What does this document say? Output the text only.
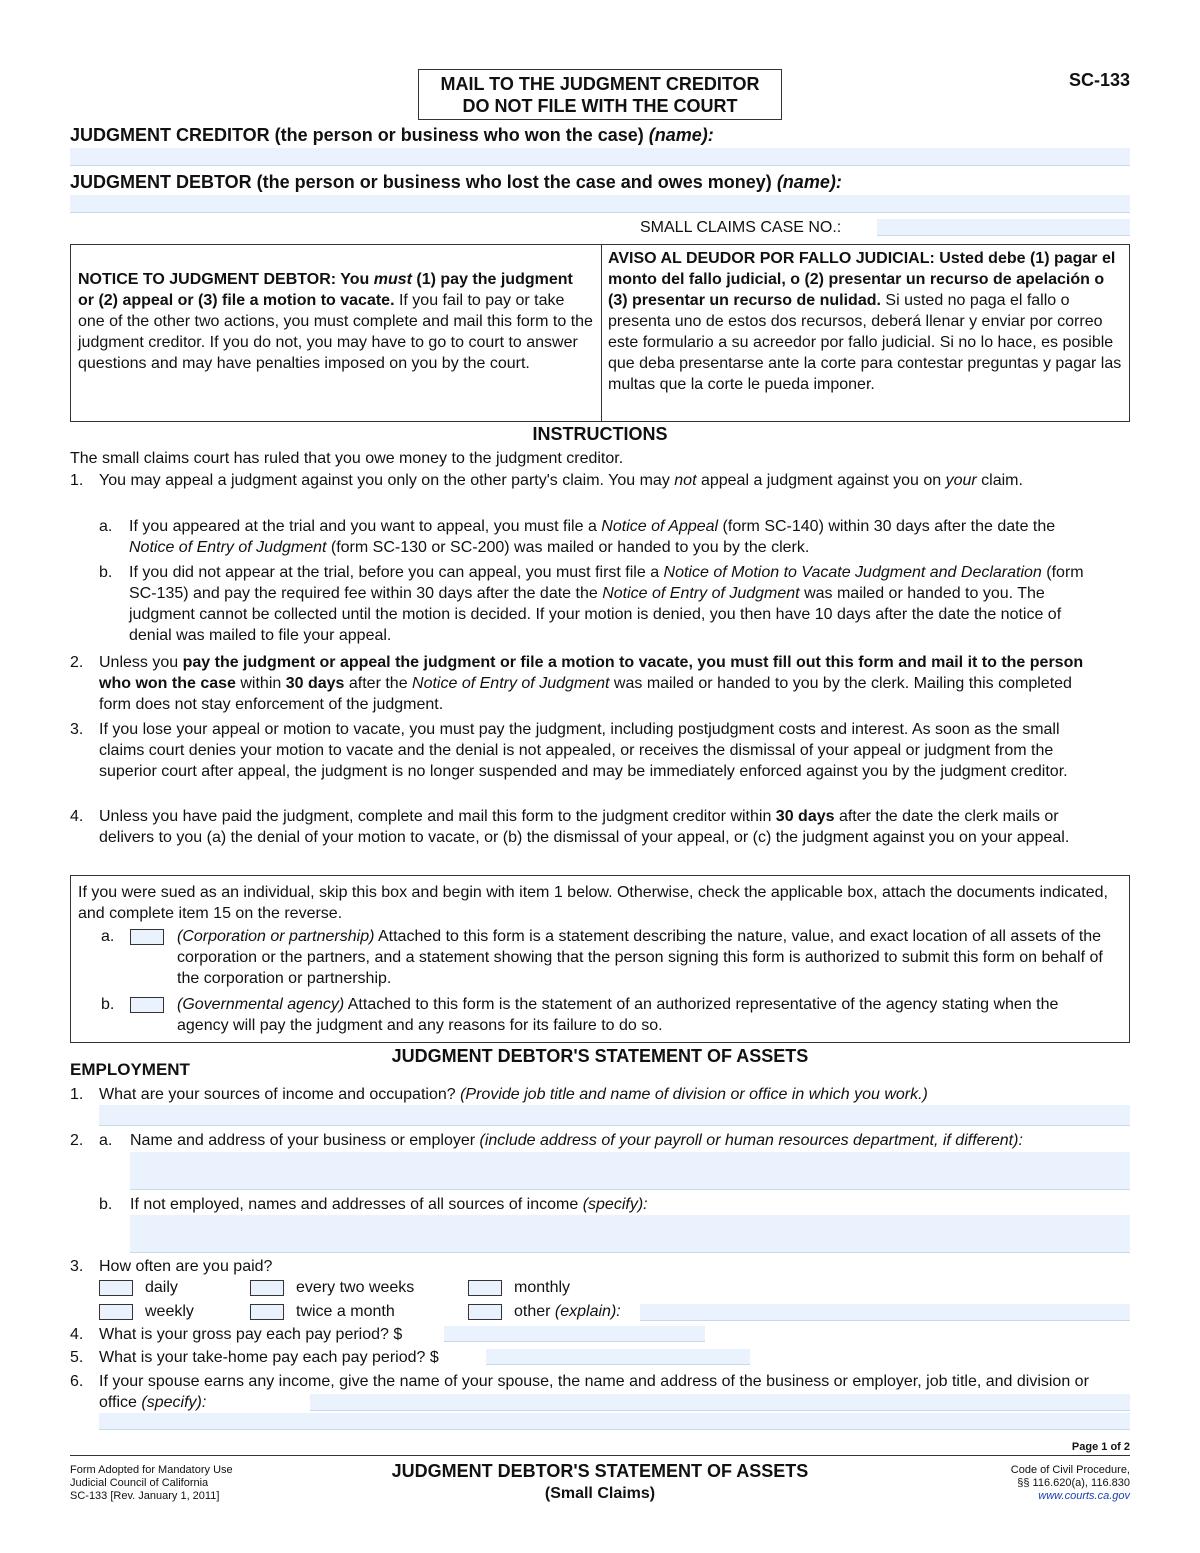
MAIL TO THE JUDGMENT CREDITOR
DO NOT FILE WITH THE COURT
SC-133
JUDGMENT CREDITOR (the person or business who won the case) (name):
JUDGMENT DEBTOR (the person or business who lost the case and owes money) (name):
SMALL CLAIMS CASE NO.:
NOTICE TO JUDGMENT DEBTOR: You must (1) pay the judgment or (2) appeal or (3) file a motion to vacate. If you fail to pay or take one of the other two actions, you must complete and mail this form to the judgment creditor. If you do not, you may have to go to court to answer questions and may have penalties imposed on you by the court.
AVISO AL DEUDOR POR FALLO JUDICIAL: Usted debe (1) pagar el monto del fallo judicial, o (2) presentar un recurso de apelación o (3) presentar un recurso de nulidad. Si usted no paga el fallo o presenta uno de estos dos recursos, deberá llenar y enviar por correo este formulario a su acreedor por fallo judicial. Si no lo hace, es posible que deba presentarse ante la corte para contestar preguntas y pagar las multas que la corte le pueda imponer.
INSTRUCTIONS
The small claims court has ruled that you owe money to the judgment creditor.
1. You may appeal a judgment against you only on the other party's claim. You may not appeal a judgment against you on your claim.
a. If you appeared at the trial and you want to appeal, you must file a Notice of Appeal (form SC-140) within 30 days after the date the Notice of Entry of Judgment (form SC-130 or SC-200) was mailed or handed to you by the clerk.
b. If you did not appear at the trial, before you can appeal, you must first file a Notice of Motion to Vacate Judgment and Declaration (form SC-135) and pay the required fee within 30 days after the date the Notice of Entry of Judgment was mailed or handed to you. The judgment cannot be collected until the motion is decided. If your motion is denied, you then have 10 days after the date the notice of denial was mailed to file your appeal.
2. Unless you pay the judgment or appeal the judgment or file a motion to vacate, you must fill out this form and mail it to the person who won the case within 30 days after the Notice of Entry of Judgment was mailed or handed to you by the clerk. Mailing this completed form does not stay enforcement of the judgment.
3. If you lose your appeal or motion to vacate, you must pay the judgment, including postjudgment costs and interest. As soon as the small claims court denies your motion to vacate and the denial is not appealed, or receives the dismissal of your appeal or judgment from the superior court after appeal, the judgment is no longer suspended and may be immediately enforced against you by the judgment creditor.
4. Unless you have paid the judgment, complete and mail this form to the judgment creditor within 30 days after the date the clerk mails or delivers to you (a) the denial of your motion to vacate, or (b) the dismissal of your appeal, or (c) the judgment against you on your appeal.
If you were sued as an individual, skip this box and begin with item 1 below. Otherwise, check the applicable box, attach the documents indicated, and complete item 15 on the reverse.
a.	(Corporation or partnership) Attached to this form is a statement describing the nature, value, and exact location of all assets of the corporation or the partners, and a statement showing that the person signing this form is authorized to submit this form on behalf of the corporation or partnership.
b.	(Governmental agency) Attached to this form is the statement of an authorized representative of the agency stating when the agency will pay the judgment and any reasons for its failure to do so.
JUDGMENT DEBTOR'S STATEMENT OF ASSETS
EMPLOYMENT
1. What are your sources of income and occupation? (Provide job title and name of division or office in which you work.)
2. a. Name and address of your business or employer (include address of your payroll or human resources department, if different):
b. If not employed, names and addresses of all sources of income (specify):
3. How often are you paid?
daily
weekly
every two weeks
twice a month
monthly
other (explain):
4. What is your gross pay each pay period? $
5. What is your take-home pay each pay period? $
6. If your spouse earns any income, give the name of your spouse, the name and address of the business or employer, job title, and division or office (specify):
Page 1 of 2
Form Adopted for Mandatory Use
Judicial Council of California
SC-133 [Rev. January 1, 2011]
JUDGMENT DEBTOR'S STATEMENT OF ASSETS
(Small Claims)
Code of Civil Procedure,
§§ 116.620(a), 116.830
www.courts.ca.gov
